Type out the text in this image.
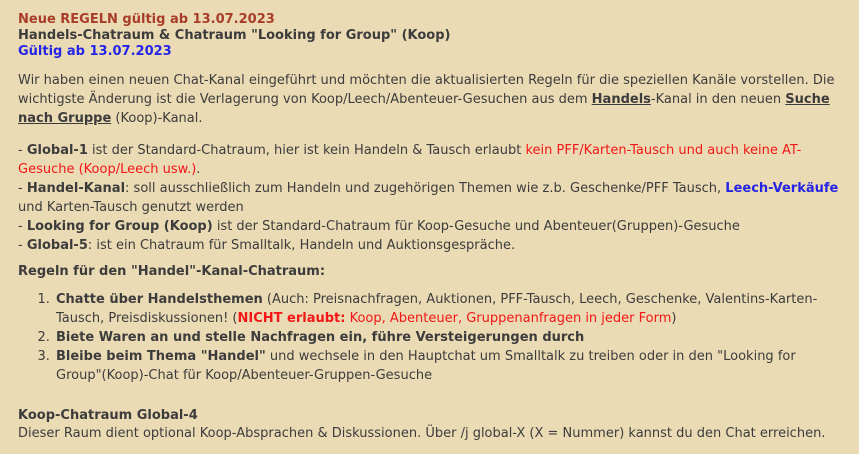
Neue REGELN gültig ab 13.07.2023
Handels-Chatraum & Chatraum "Looking for Group" (Koop)
Gültig ab 13.07.2023

Wir haben einen neuen Chat-Kanal eingeführt und möchten die aktualisierten Regeln für die speziellen Kanäle vorstellen. Die wichtigste Änderung ist die Verlagerung von Koop/Leech/Abenteuer-Gesuchen aus dem Handels-Kanal in den neuen Suche nach Gruppe (Koop)-Kanal.

- Global-1 ist der Standard-Chatraum, hier ist kein Handeln & Tausch erlaubt kein PFF/Karten-Tausch und auch keine AT-Gesuche (Koop/Leech usw.).
- Handel-Kanal: soll ausschließlich zum Handeln und zugehörigen Themen wie z.b. Geschenke/PFF Tausch, Leech-Verkäufe und Karten-Tausch genutzt werden
- Looking for Group (Koop) ist der Standard-Chatraum für Koop-Gesuche und Abenteuer(Gruppen)-Gesuche
- Global-5: ist ein Chatraum für Smalltalk, Handeln und Auktionsgespräche.
Regeln für den "Handel"-Kanal-Chatraum:
1. Chatte über Handelsthemen (Auch: Preisnachfragen, Auktionen, PFF-Tausch, Leech, Geschenke, Valentins-Karten-Tausch, Preisdiskussionen! (NICHT erlaubt: Koop, Abenteuer, Gruppenanfragen in jeder Form)
2. Biete Waren an und stelle Nachfragen ein, führe Versteigerungen durch
3. Bleibe beim Thema "Handel" und wechsele in den Hauptchat um Smalltalk zu treiben oder in den "Looking for Group"(Koop)-Chat für Koop/Abenteuer-Gruppen-Gesuche
Koop-Chatraum Global-4
Dieser Raum dient optional Koop-Absprachen & Diskussionen. Über /j global-X (X = Nummer) kannst du den Chat erreichen.
